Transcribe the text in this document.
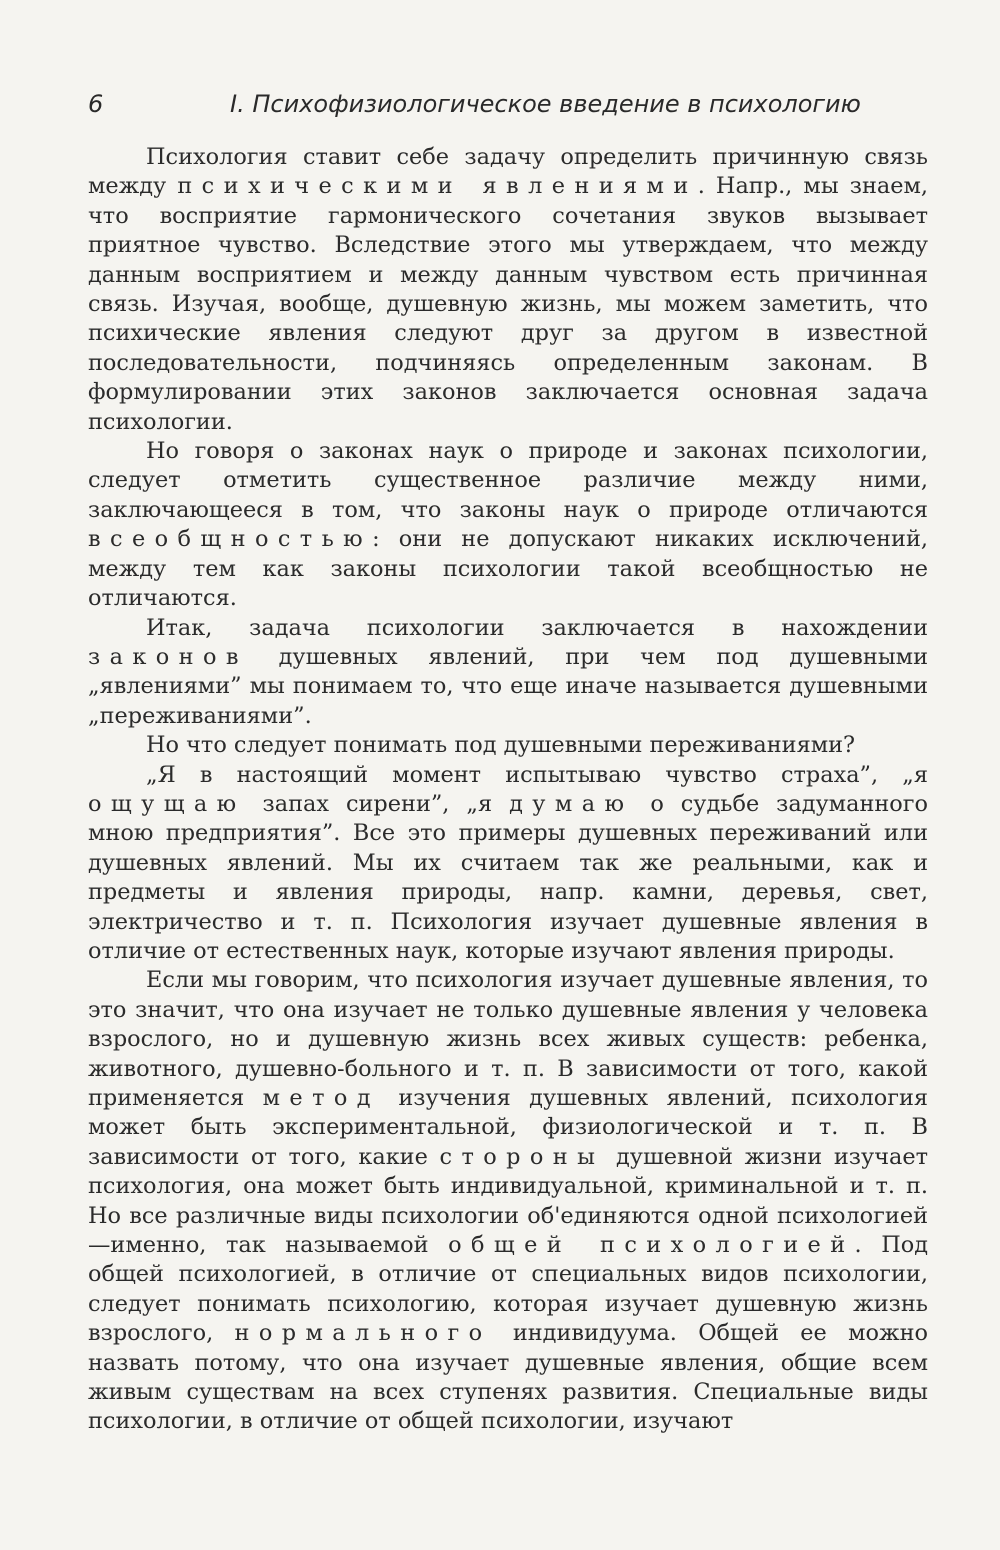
6	I. Психофизиологическое введение в психологию

Психология ставит себе задачу определить причинную связь между психическими явлениями. Напр., мы знаем, что восприятие гармонического сочетания звуков вызывает приятное чувство. Вследствие этого мы утверждаем, что между данным восприятием и между данным чувством есть причинная связь. Изучая, вообще, душевную жизнь, мы можем заметить, что психические явления следуют друг за другом в известной последовательности, подчиняясь определенным законам. В формулировании этих законов заключается основная задача психологии.

Но говоря о законах наук о природе и законах психологии, следует отметить существенное различие между ними, заключающееся в том, что законы наук о природе отличаются всеобщностью: они не допускают никаких исключений, между тем как законы психологии такой всеобщностью не отличаются.

Итак, задача психологии заключается в нахождении законов душевных явлений, при чем под душевными „явлениями” мы понимаем то, что еще иначе называется душевными „переживаниями”.

Но что следует понимать под душевными переживаниями?

„Я в настоящий момент испытываю чувство страха”, „я ощущаю запах сирени”, „я думаю о судьбе задуманного мною предприятия”. Все это примеры душевных переживаний или душевных явлений. Мы их считаем так же реальными, как и предметы и явления природы, напр. камни, деревья, свет, электричество и т. п. Психология изучает душевные явления в отличие от естественных наук, которые изучают явления природы.

Если мы говорим, что психология изучает душевные явления, то это значит, что она изучает не только душевные явления у человека взрослого, но и душевную жизнь всех живых существ: ребенка, животного, душевно-больного и т. п. В зависимости от того, какой применяется метод изучения душевных явлений, психология может быть экспериментальной, физиологической и т. п. В зависимости от того, какие стороны душевной жизни изучает психология, она может быть индивидуальной, криминальной и т. п. Но все различные виды психологии об'единяются одной психологией—именно, так называемой общей психологией. Под общей психологией, в отличие от специальных видов психологии, следует понимать психологию, которая изучает душевную жизнь взрослого, нормального индивидуума. Общей ее можно назвать потому, что она изучает душевные явления, общие всем живым существам на всех ступенях развития. Специальные виды психологии, в отличие от общей психологии, изучают
